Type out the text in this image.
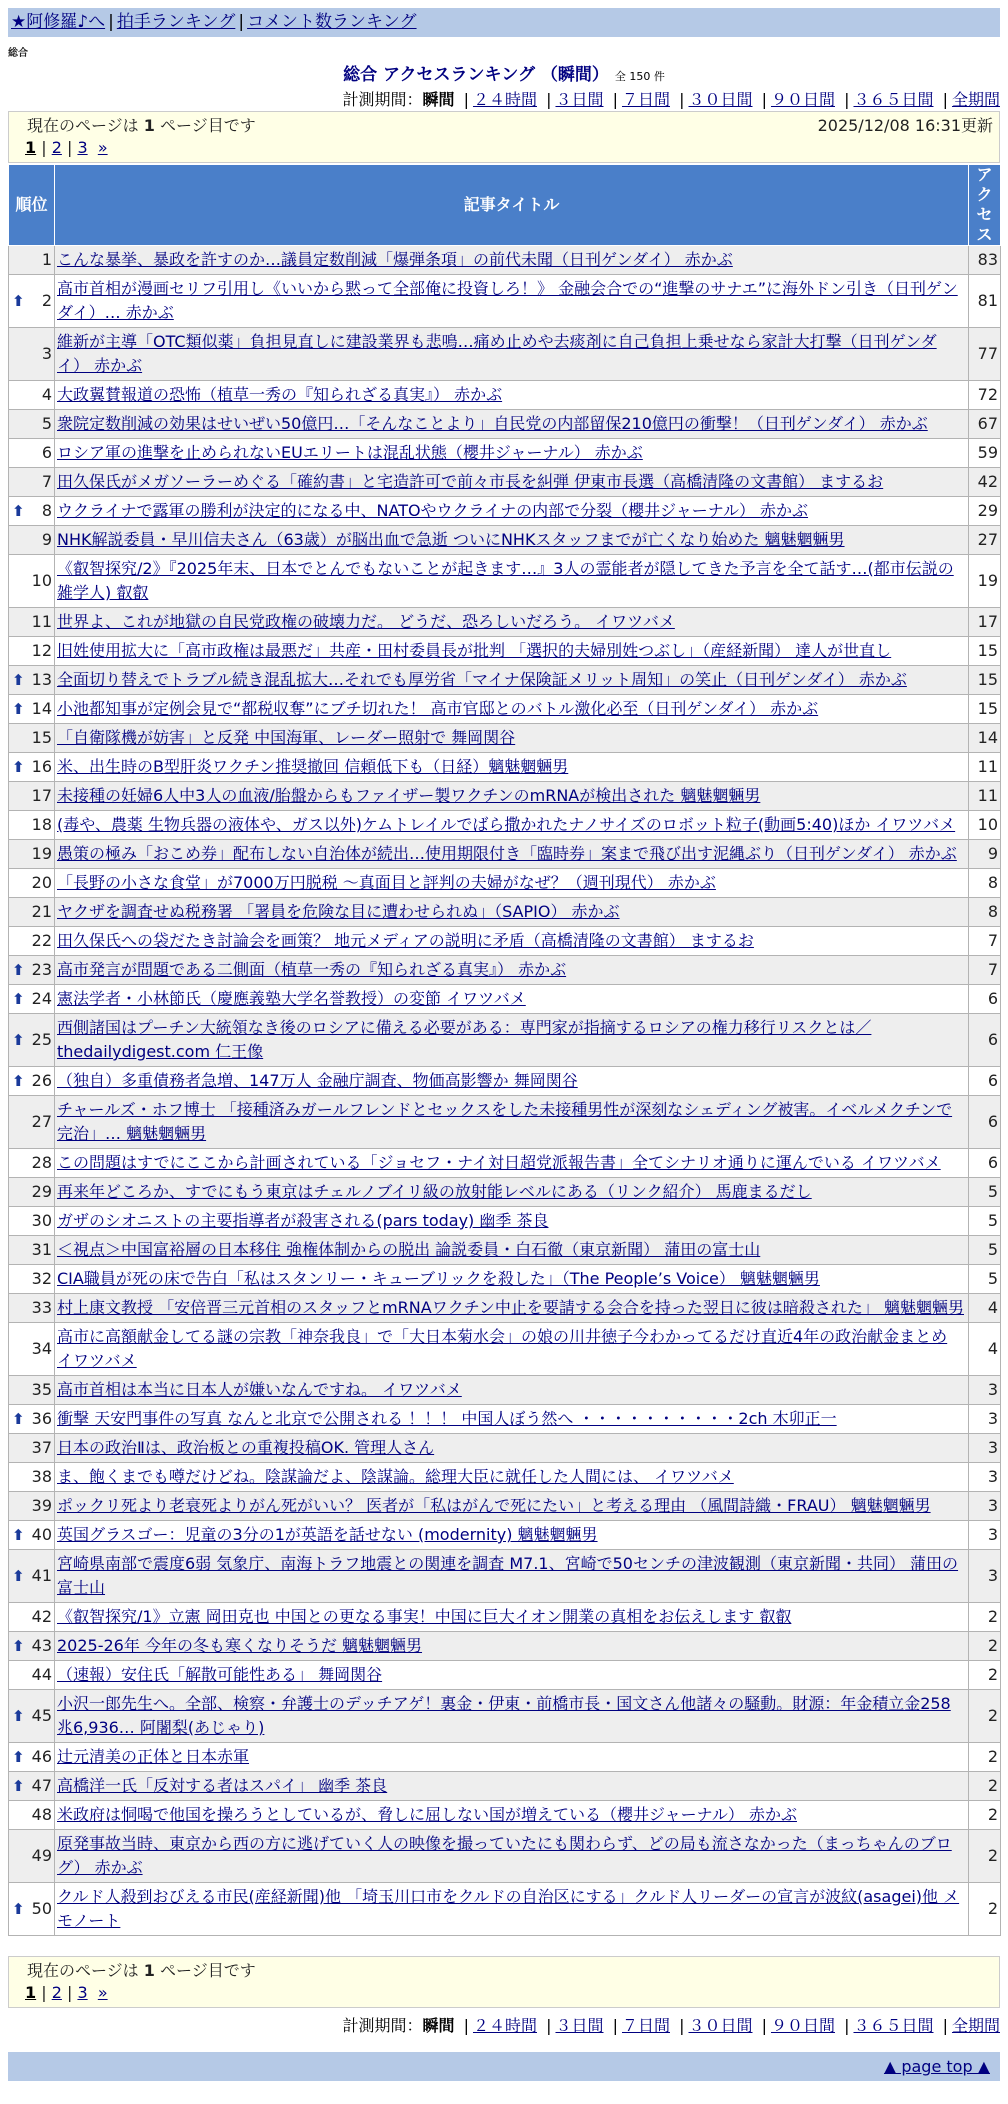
★阿修羅♪へ | 拍手ランキング | コメント数ランキング
総合
総合 アクセスランキング （瞬間） 全 150 件
計測期間：瞬間 | ２４時間 | ３日間 | ７日間 | ３０日間 | ９０日間 | ３６５日間 | 全期間
現在のページは 1 ページ目です	2025/12/08 16:31更新
1 | 2 | 3 »
順位	記事タイトル	アクセス
1	こんな暴挙、暴政を許すのか…議員定数削減「爆弾条項」の前代未聞（日刊ゲンダイ） 赤かぶ	83

⬆ 2	高市首相が漫画セリフ引用し《いいから黙って全部俺に投資しろ！》 金融会合での“進撃のサナエ”に海外ドン引き（日刊ゲンダイ）… 赤かぶ	81
3	維新が主導「OTC類似薬」負担見直しに建設業界も悲鳴…痛め止めや去痰剤に自己負担上乗せなら家計大打撃（日刊ゲンダイ） 赤かぶ	77
4	大政翼賛報道の恐怖（植草一秀の『知られざる真実』） 赤かぶ	72
5	衆院定数削減の効果はせいぜい50億円…「そんなことより」自民党の内部留保210億円の衝撃！（日刊ゲンダイ） 赤かぶ	67
6	ロシア軍の進撃を止められないEUエリートは混乱状態（櫻井ジャーナル） 赤かぶ	59
7	田久保氏がメガソーラーめぐる「確約書」と宅造許可で前々市長を糾弾 伊東市長選（高橋清隆の文書館） まするお	42

⬆ 8	ウクライナで露軍の勝利が決定的になる中、NATOやウクライナの内部で分裂（櫻井ジャーナル） 赤かぶ	29
9	NHK解説委員・早川信夫さん（63歳）が脳出血で急逝 ついにNHKスタッフまでが亡くなり始めた 魑魅魍魎男	27
10	《叡智探究/2》『2025年末、日本でとんでもないことが起きます…』3人の霊能者が隠してきた予言を全て話す…(都市伝説の雑学人) 叡叡	19
11	世界よ、これが地獄の自民党政権の破壊力だ。 どうだ、恐ろしいだろう。 イワツバメ	17
12	旧姓使用拡大に「高市政権は最悪だ」共産・田村委員長が批判 「選択的夫婦別姓つぶし」（産経新聞） 達人が世直し	15

⬆ 13	全面切り替えでトラブル続き混乱拡大…それでも厚労省「マイナ保険証メリット周知」の笑止（日刊ゲンダイ） 赤かぶ	15

⬆ 14	小池都知事が定例会見で“都税収奪”にブチ切れた！ 高市官邸とのバトル激化必至（日刊ゲンダイ） 赤かぶ	15
15	「自衛隊機が妨害」と反発 中国海軍、レーダー照射で 舞岡関谷	14

⬆ 16	米、出生時のB型肝炎ワクチン推奨撤回 信頼低下も（日経）魑魅魍魎男	11
17	未接種の妊婦6人中3人の血液/胎盤からもファイザー製ワクチンのmRNAが検出された 魑魅魍魎男	11
18	(毒や、農薬 生物兵器の液体や、ガス以外)ケムトレイルでばら撒かれたナノサイズのロボット粒子(動画5:40)ほか イワツバメ	10
19	愚策の極み「おこめ券」配布しない自治体が続出…使用期限付き「臨時券」案まで飛び出す泥縄ぶり（日刊ゲンダイ） 赤かぶ	9
20	「長野の小さな食堂」が7000万円脱税 ～真面目と評判の夫婦がなぜ？（週刊現代） 赤かぶ	8
21	ヤクザを調査せぬ税務署 「署員を危険な目に遭わせられぬ」（SAPIO） 赤かぶ	8
22	田久保氏への袋だたき討論会を画策？ 地元メディアの説明に矛盾（高橋清隆の文書館） まするお	7

⬆ 23	高市発言が問題である二側面（植草一秀の『知られざる真実』） 赤かぶ	7

⬆ 24	憲法学者・小林節氏（慶應義塾大学名誉教授）の変節 イワツバメ	6

⬆ 25	西側諸国はプーチン大統領なき後のロシアに備える必要がある：専門家が指摘するロシアの権力移行リスクとは／ thedailydigest.com 仁王像	6

⬆ 26	（独自）多重債務者急増、147万人 金融庁調査、物価高影響か 舞岡関谷	6
27	チャールズ・ホフ博士 「接種済みガールフレンドとセックスをした未接種男性が深刻なシェディング被害。イベルメクチンで完治」… 魑魅魍魎男	6
28	この問題はすでにここから計画されている「ジョセフ・ナイ対日超党派報告書」全てシナリオ通りに運んでいる イワツバメ	6
29	再来年どころか、すでにもう東京はチェルノブイリ級の放射能レベルにある（リンク紹介） 馬鹿まるだし	5
30	ガザのシオニストの主要指導者が殺害される(pars today) 幽季 茶良	5
31	＜視点＞中国富裕層の日本移住 強権体制からの脱出 論説委員・白石徹（東京新聞） 蒲田の富士山	5
32	CIA職員が死の床で告白「私はスタンリー・キューブリックを殺した」（The People’s Voice） 魑魅魍魎男	5
33	村上康文教授 「安倍晋三元首相のスタッフとmRNAワクチン中止を要請する会合を持った翌日に彼は暗殺された」 魑魅魍魎男	4
34	高市に高額献金してる謎の宗教「神奈我良」で「大日本菊水会」の娘の川井徳子今わかってるだけ直近4年の政治献金まとめ イワツバメ	4
35	高市首相は本当に日本人が嫌いなんですね。 イワツバメ	3

⬆ 36	衝撃 天安門事件の写真 なんと北京で公開される ！！！ 中国人ぼう然へ ・・・・・・・・・・2ch 木卯正一	3
37	日本の政治Ⅱは、政治板との重複投稿OK. 管理人さん	3
38	ま、飽くまでも噂だけどね。陰謀論だよ、陰謀論。総理大臣に就任した人間には、 イワツバメ	3
39	ポックリ死より老衰死よりがん死がいい？ 医者が「私はがんで死にたい」と考える理由 （風間詩織・FRAU） 魑魅魍魎男	3

⬆ 40	英国グラスゴー：児童の3分の1が英語を話せない (modernity) 魑魅魍魎男	3

⬆ 41	宮崎県南部で震度6弱 気象庁、南海トラフ地震との関連を調査 M7.1、宮崎で50センチの津波観測（東京新聞・共同） 蒲田の富士山	3
42	《叡智探究/1》立憲 岡田克也 中国との更なる事実！中国に巨大イオン開業の真相をお伝えします 叡叡	2

⬆ 43	2025-26年 今年の冬も寒くなりそうだ 魑魅魍魎男	2
44	（速報）安住氏「解散可能性ある」 舞岡関谷	2

⬆ 45	小沢一郎先生へ。全部、検察・弁護士のデッチアゲ！裏金・伊東・前橋市長・国文さん他諸々の騒動。財源：年金積立金258兆6,936… 阿闍梨(あじゃり)	2

⬆ 46	辻元清美の正体と日本赤軍	2

⬆ 47	高橋洋一氏「反対する者はスパイ」 幽季 茶良	2
48	米政府は恫喝で他国を操ろうとしているが、脅しに屈しない国が増えている（櫻井ジャーナル） 赤かぶ	2
49	原発事故当時、東京から西の方に逃げていく人の映像を撮っていたにも関わらず、どの局も流さなかった（まっちゃんのブログ） 赤かぶ	2

⬆ 50	クルド人殺到おびえる市民(産経新聞)他 「埼玉川口市をクルドの自治区にする」クルド人リーダーの宣言が波紋(asagei)他 メモノート	2
現在のページは 1 ページ目です
1 | 2 | 3 »
計測期間：瞬間 | ２４時間 | ３日間 | ７日間 | ３０日間 | ９０日間 | ３６５日間 | 全期間
▲ page top ▲
